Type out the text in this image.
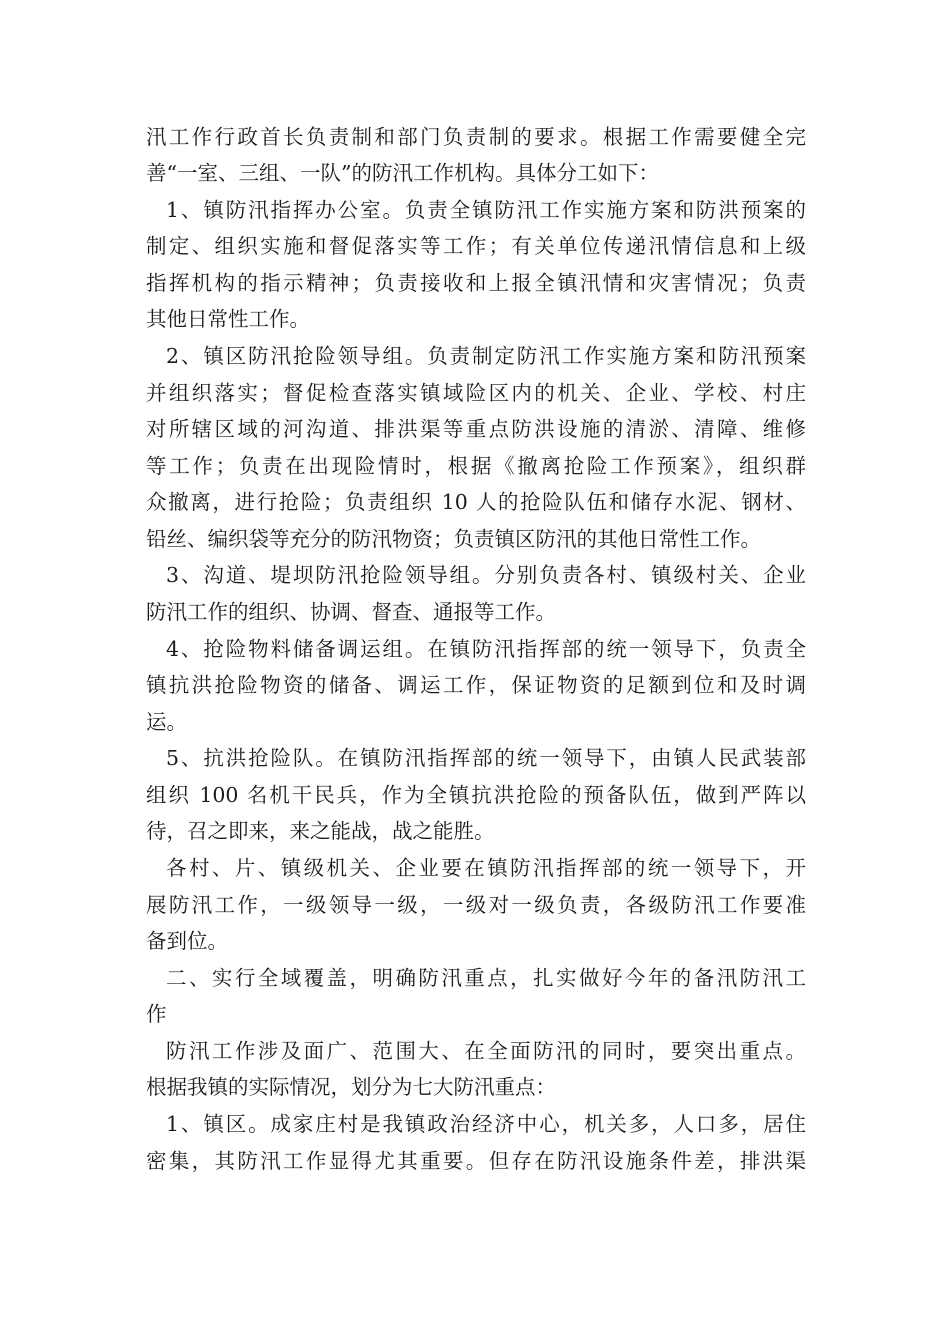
汛工作行政首长负责制和部门负责制的要求。根据工作需要健全完
善“一室、三组、一队”的防汛工作机构。具体分工如下：
1、镇防汛指挥办公室。负责全镇防汛工作实施方案和防洪预案的
制定、组织实施和督促落实等工作；有关单位传递汛情信息和上级
指挥机构的指示精神；负责接收和上报全镇汛情和灾害情况；负责
其他日常性工作。
2、镇区防汛抢险领导组。负责制定防汛工作实施方案和防汛预案
并组织落实；督促检查落实镇域险区内的机关、企业、学校、村庄
对所辖区域的河沟道、排洪渠等重点防洪设施的清淤、清障、维修
等工作；负责在出现险情时，根据《撤离抢险工作预案》，组织群
众撤离，进行抢险；负责组织 10 人的抢险队伍和储存水泥、钢材、
铅丝、编织袋等充分的防汛物资；负责镇区防汛的其他日常性工作。
3、沟道、堤坝防汛抢险领导组。分别负责各村、镇级村关、企业
防汛工作的组织、协调、督查、通报等工作。
4、抢险物料储备调运组。在镇防汛指挥部的统一领导下，负责全
镇抗洪抢险物资的储备、调运工作，保证物资的足额到位和及时调
运。
5、抗洪抢险队。在镇防汛指挥部的统一领导下，由镇人民武装部
组织 100 名机干民兵，作为全镇抗洪抢险的预备队伍，做到严阵以
待，召之即来，来之能战，战之能胜。
各村、片、镇级机关、企业要在镇防汛指挥部的统一领导下，开
展防汛工作，一级领导一级，一级对一级负责，各级防汛工作要准
备到位。
二、实行全域覆盖，明确防汛重点，扎实做好今年的备汛防汛工
作
防汛工作涉及面广、范围大、在全面防汛的同时，要突出重点。
根据我镇的实际情况，划分为七大防汛重点：
1、镇区。成家庄村是我镇政治经济中心，机关多，人口多，居住
密集，其防汛工作显得尤其重要。但存在防汛设施条件差，排洪渠
